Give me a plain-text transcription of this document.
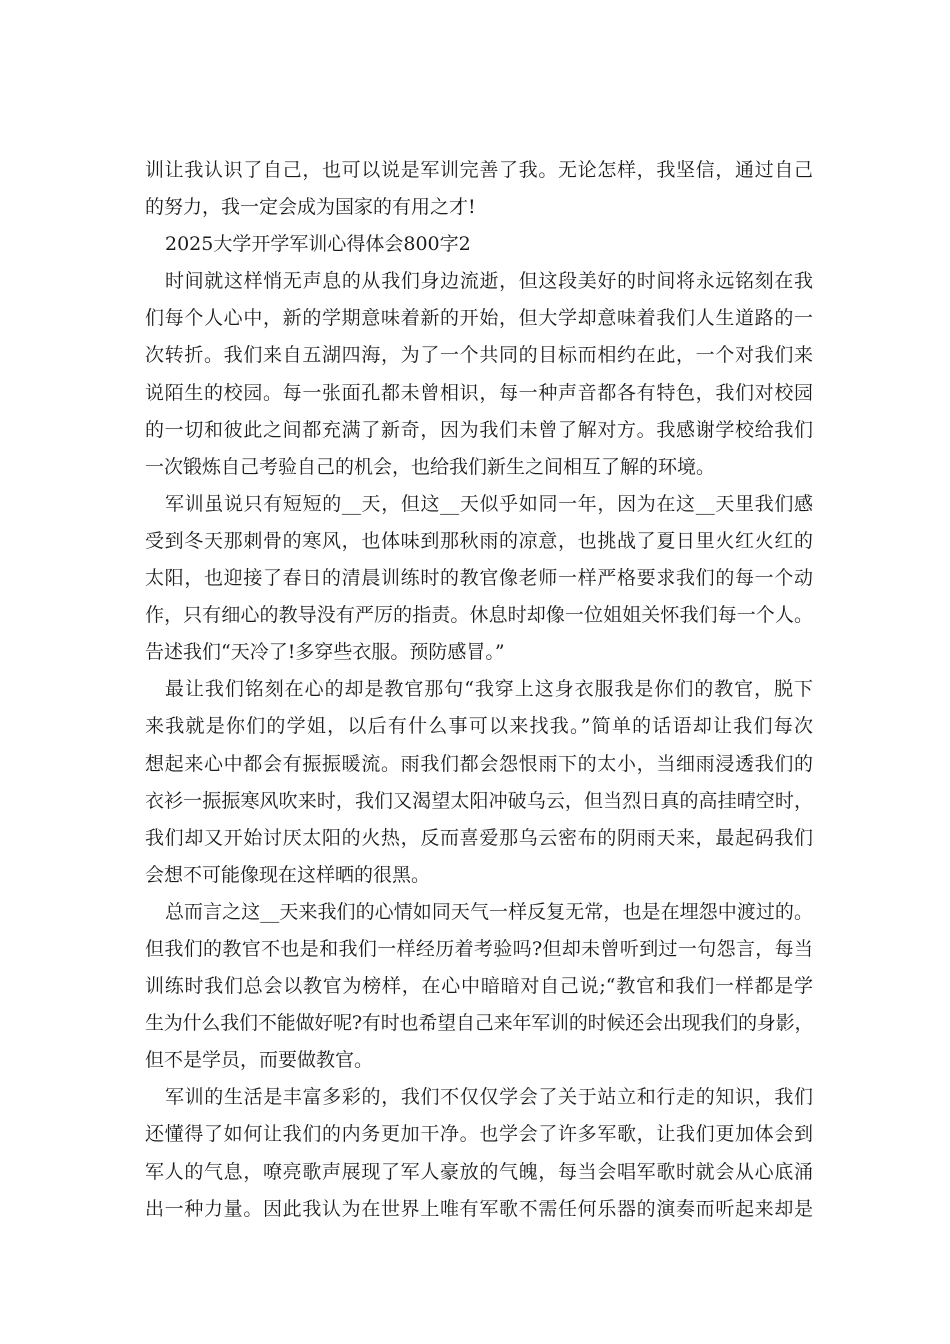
训让我认识了自己，也可以说是军训完善了我。无论怎样，我坚信，通过自己
的努力，我一定会成为国家的有用之才!
2025大学开学军训心得体会800字2
时间就这样悄无声息的从我们身边流逝，但这段美好的时间将永远铭刻在我
们每个人心中，新的学期意味着新的开始，但大学却意味着我们人生道路的一
次转折。我们来自五湖四海，为了一个共同的目标而相约在此，一个对我们来
说陌生的校园。每一张面孔都未曾相识，每一种声音都各有特色，我们对校园
的一切和彼此之间都充满了新奇，因为我们未曾了解对方。我感谢学校给我们
一次锻炼自己考验自己的机会，也给我们新生之间相互了解的环境。
军训虽说只有短短的__天，但这__天似乎如同一年，因为在这__天里我们感
受到冬天那刺骨的寒风，也体味到那秋雨的凉意，也挑战了夏日里火红火红的
太阳，也迎接了春日的清晨训练时的教官像老师一样严格要求我们的每一个动
作，只有细心的教导没有严厉的指责。休息时却像一位姐姐关怀我们每一个人。
告述我们“天冷了!多穿些衣服。预防感冒。”
最让我们铭刻在心的却是教官那句“我穿上这身衣服我是你们的教官，脱下
来我就是你们的学姐，以后有什么事可以来找我。”简单的话语却让我们每次
想起来心中都会有振振暖流。雨我们都会怨恨雨下的太小，当细雨浸透我们的
衣衫一振振寒风吹来时，我们又渴望太阳冲破乌云，但当烈日真的高挂晴空时，
我们却又开始讨厌太阳的火热，反而喜爱那乌云密布的阴雨天来，最起码我们
会想不可能像现在这样晒的很黑。
总而言之这__天来我们的心情如同天气一样反复无常，也是在埋怨中渡过的。
但我们的教官不也是和我们一样经历着考验吗?但却未曾听到过一句怨言，每当
训练时我们总会以教官为榜样，在心中暗暗对自己说;“教官和我们一样都是学
生为什么我们不能做好呢?有时也希望自己来年军训的时候还会出现我们的身影，
但不是学员，而要做教官。
军训的生活是丰富多彩的，我们不仅仅学会了关于站立和行走的知识，我们
还懂得了如何让我们的内务更加干净。也学会了许多军歌，让我们更加体会到
军人的气息，嘹亮歌声展现了军人豪放的气魄，每当会唱军歌时就会从心底涌
出一种力量。因此我认为在世界上唯有军歌不需任何乐器的演奏而听起来却是
